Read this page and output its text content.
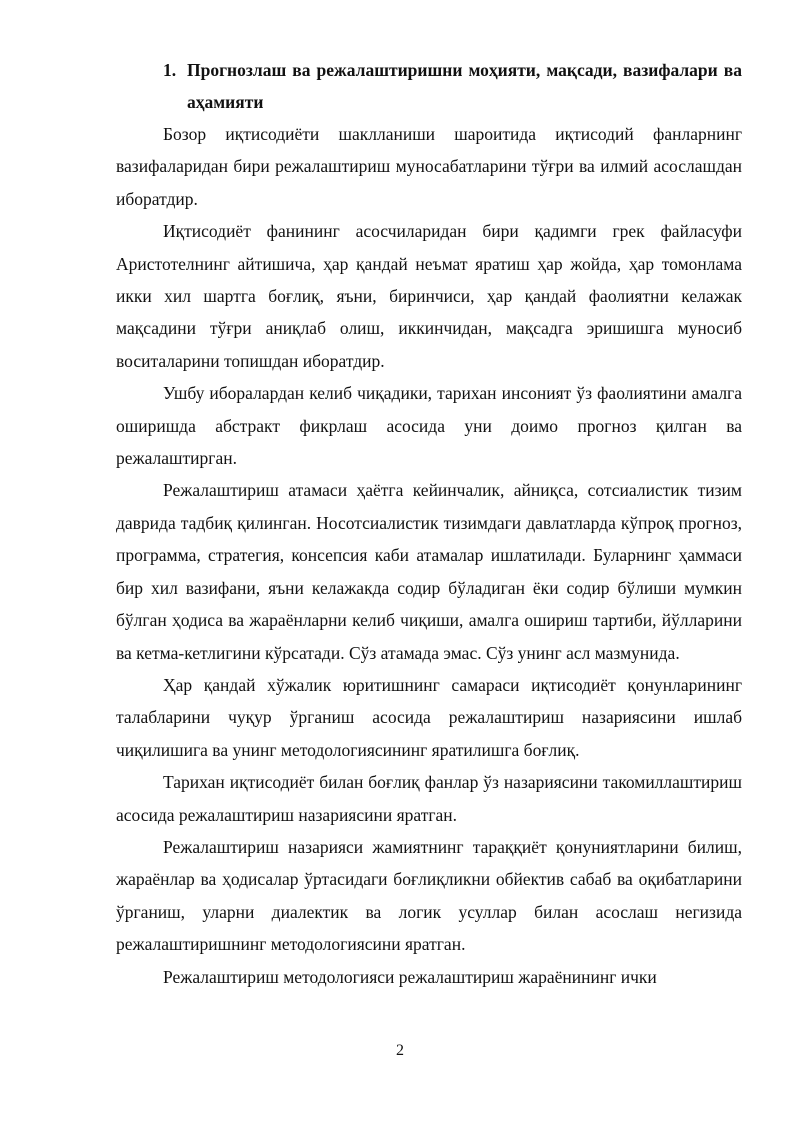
1. Прогнозлаш ва режалаштиришни моҳияти, мақсади, вазифалари ва аҳамияти

Бозор иқтисодиёти шаклланиши шароитида иқтисодий фанларнинг вазифаларидан бири режалаштириш муносабатларини тўғри ва илмий асослашдан иборатдир.

Иқтисодиёт фанининг асосчиларидан бири қадимги грек файласуфи Аристотелнинг айтишича, ҳар қандай неъмат яратиш ҳар жойда, ҳар томонлама икки хил шартга боғлиқ, яъни, биринчиси, ҳар қандай фаолиятни келажак мақсадини тўғри аниқлаб олиш, иккинчидан, мақсадга эришишга муносиб воситаларини топишдан иборатдир.

Ушбу иборалардан келиб чиқадики, тарихан инсоният ўз фаолиятини амалга оширишда абстракт фикрлаш асосида уни доимо прогноз қилган ва режалаштирган.

Режалаштириш атамаси ҳаётга кейинчалик, айниқса, сотсиалистик тизим даврида тадбиқ қилинган. Носотсиалистик тизимдаги давлатларда кўпроқ прогноз, программа, стратегия, консепсия каби атамалар ишлатилади. Буларнинг ҳаммаси бир хил вазифани, яъни келажакда содир бўладиган ёки содир бўлиши мумкин бўлган ҳодиса ва жараёнларни келиб чиқиши, амалга ошириш тартиби, йўлларини ва кетма-кетлигини кўрсатади. Сўз атамада эмас. Сўз унинг асл мазмунида.

Ҳар қандай хўжалик юритишнинг самараси иқтисодиёт қонунларининг талабларини чуқур ўрганиш асосида режалаштириш назариясини ишлаб чиқилишига ва унинг методологиясининг яратилишга боғлиқ.

Тарихан иқтисодиёт билан боғлиқ фанлар ўз назариясини такомиллаштириш асосида режалаштириш назариясини яратган.

Режалаштириш назарияси жамиятнинг тараққиёт қонуниятларини билиш, жараёнлар ва ҳодисалар ўртасидаги боғлиқликни обйектив сабаб ва оқибатларини ўрганиш, уларни диалектик ва логик усуллар билан асослаш негизида режалаштиришнинг методологиясини яратган.

Режалаштириш методологияси режалаштириш жараёнининг ички

2
